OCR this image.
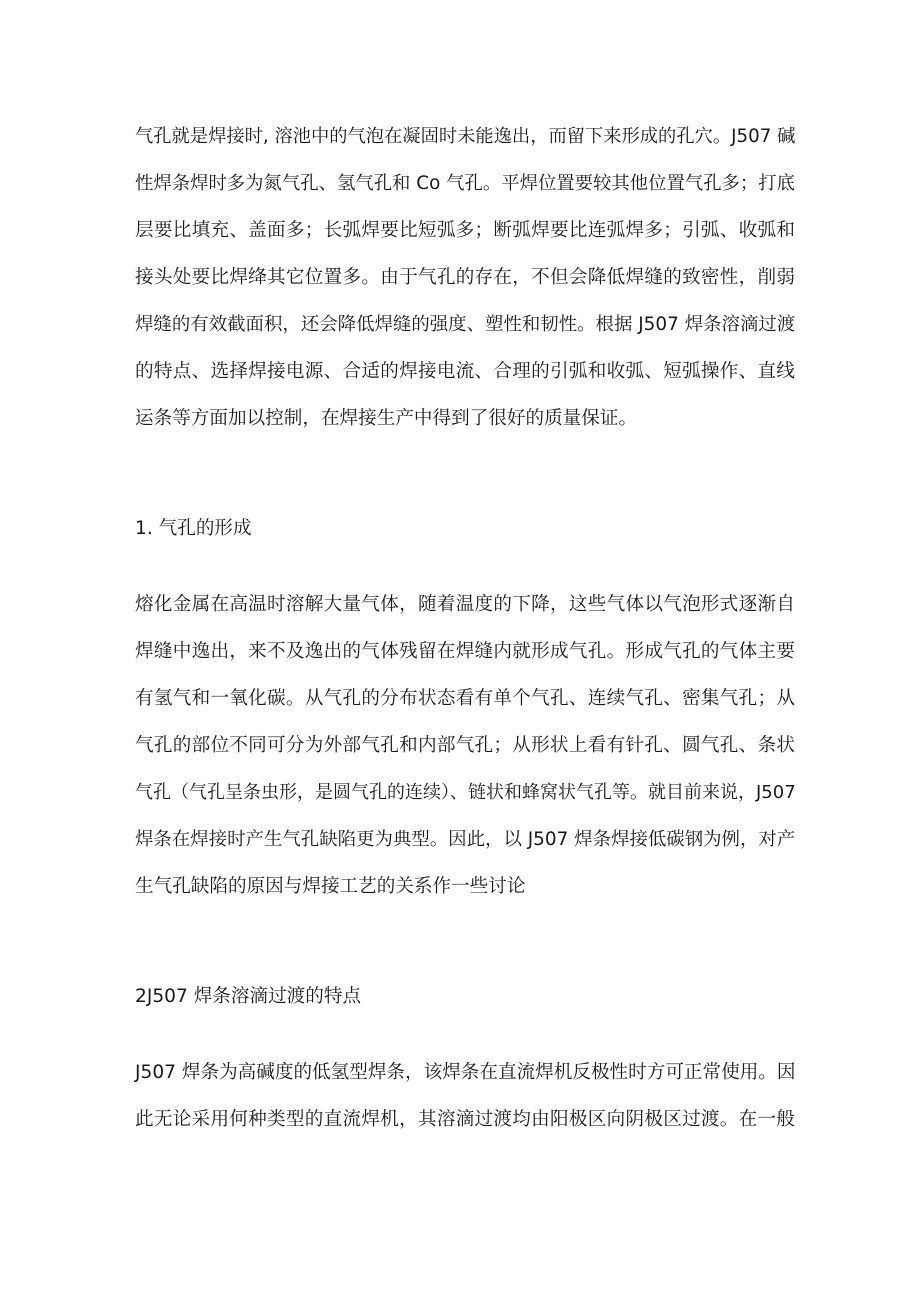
气孔就是焊接时, 溶池中的气泡在凝固时未能逸出，而留下来形成的孔穴。J507 碱
性焊条焊时多为氮气孔、氢气孔和 Co 气孔。平焊位置要较其他位置气孔多；打底
层要比填充、盖面多；长弧焊要比短弧多；断弧焊要比连弧焊多；引弧、收弧和
接头处要比焊绛其它位置多。由于气孔的存在，不但会降低焊缝的致密性，削弱
焊缝的有效截面积，还会降低焊缝的强度、塑性和韧性。根据 J507 焊条溶滴过渡
的特点、选择焊接电源、合适的焊接电流、合理的引弧和收弧、短弧操作、直线
运条等方面加以控制，在焊接生产中得到了很好的质量保证。
1. 气孔的形成
熔化金属在高温时溶解大量气体，随着温度的下降，这些气体以气泡形式逐渐自
焊缝中逸出，来不及逸出的气体残留在焊缝内就形成气孔。形成气孔的气体主要
有氢气和一氧化碳。从气孔的分布状态看有单个气孔、连续气孔、密集气孔；从
气孔的部位不同可分为外部气孔和内部气孔；从形状上看有针孔、圆气孔、条状
气孔（气孔呈条虫形，是圆气孔的连续）、链状和蜂窝状气孔等。就目前来说，J507
焊条在焊接时产生气孔缺陷更为典型。因此，以 J507 焊条焊接低碳钢为例，对产
生气孔缺陷的原因与焊接工艺的关系作一些讨论
2J507 焊条溶滴过渡的特点
J507 焊条为高碱度的低氢型焊条，该焊条在直流焊机反极性时方可正常使用。因
此无论采用何种类型的直流焊机，其溶滴过渡均由阳极区向阴极区过渡。在一般
